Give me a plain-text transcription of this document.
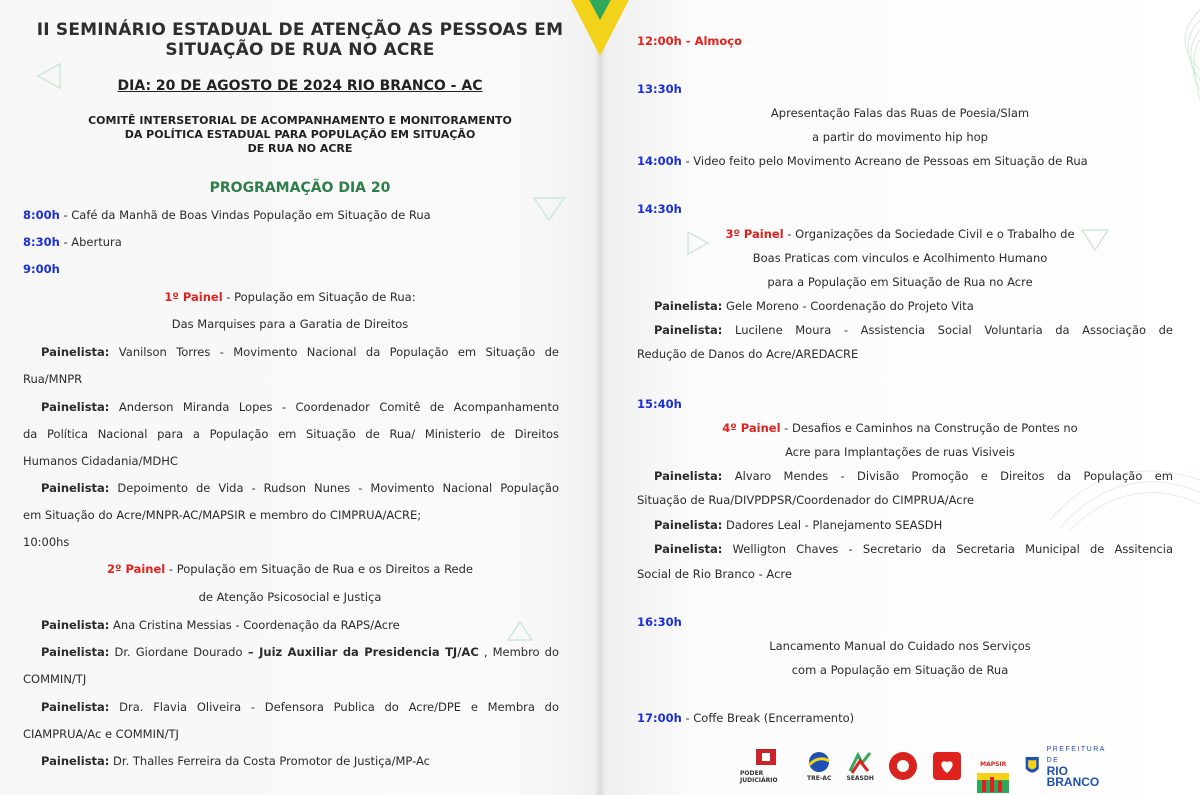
II SEMINÁRIO ESTADUAL DE ATENÇÃO AS PESSOAS EM
SITUAÇÃO DE RUA NO ACRE
DIA: 20 DE AGOSTO DE 2024 RIO BRANCO - AC
COMITÊ INTERSETORIAL DE ACOMPANHAMENTO E MONITORAMENTO
DA POLÍTICA ESTADUAL PARA POPULAÇÃO EM SITUAÇÃO
DE RUA NO ACRE
PROGRAMAÇÃO DIA 20
8:00h - Café da Manhã de Boas Vindas População em Situação de Rua
8:30h - Abertura
9:00h
1º Painel - População em Situação de Rua:
Das Marquises para a Garatia de Direitos
Painelista: Vanilson Torres - Movimento Nacional da População em Situação de
Rua/MNPR
Painelista: Anderson Miranda Lopes - Coordenador Comitê de Acompanhamento
da Política Nacional para a População em Situação de Rua/ Ministerio de Direitos
Humanos Cidadania/MDHC
Painelista: Depoimento de Vida - Rudson Nunes - Movimento Nacional População
em Situação do Acre/MNPR-AC/MAPSIR e membro do CIMPRUA/ACRE;
10:00hs
2º Painel - População em Situação de Rua e os Direitos a Rede
de Atenção Psicosocial e Justiça
Painelista: Ana Cristina Messias - Coordenação da RAPS/Acre
Painelista: Dr. Giordane Dourado – Juiz Auxiliar da Presidencia TJ/AC , Membro do
COMMIN/TJ
Painelista: Dra. Flavia Oliveira - Defensora Publica do Acre/DPE e Membra do
CIAMPRUA/Ac e COMMIN/TJ
Painelista: Dr. Thalles Ferreira da Costa Promotor de Justiça/MP-Ac
12:00h - Almoço
13:30h
Apresentação Falas das Ruas de Poesia/Slam
a partir do movimento hip hop
14:00h - Video feito pelo Movimento Acreano de Pessoas em Situação de Rua
14:30h
3º Painel - Organizações da Sociedade Civil e o Trabalho de
Boas Praticas com vinculos e Acolhimento Humano
para a População em Situação de Rua no Acre
Painelista: Gele Moreno - Coordenação do Projeto Vita
Painelista: Lucilene Moura - Assistencia Social Voluntaria da Associação de
Redução de Danos do Acre/AREDACRE
15:40h
4º Painel - Desafios e Caminhos na Construção de Pontes no
Acre para Implantações de ruas Visiveis
Painelista: Alvaro Mendes - Divisão Promoção e Direitos da População em
Situação de Rua/DIVPDPSR/Coordenador do CIMPRUA/Acre
Painelista: Dadores Leal - Planejamento SEASDH
Painelista: Welligton Chaves - Secretario da Secretaria Municipal de Assitencia
Social de Rio Branco - Acre
16:30h
Lancamento Manual do Cuidado nos Serviços
com a População em Situação de Rua
17:00h - Coffe Break (Encerramento)
PODER JUDICIÁRIO	TRE-AC	SEASDH
MAPSIR
PREFEITURA DE
RIO BRANCO
